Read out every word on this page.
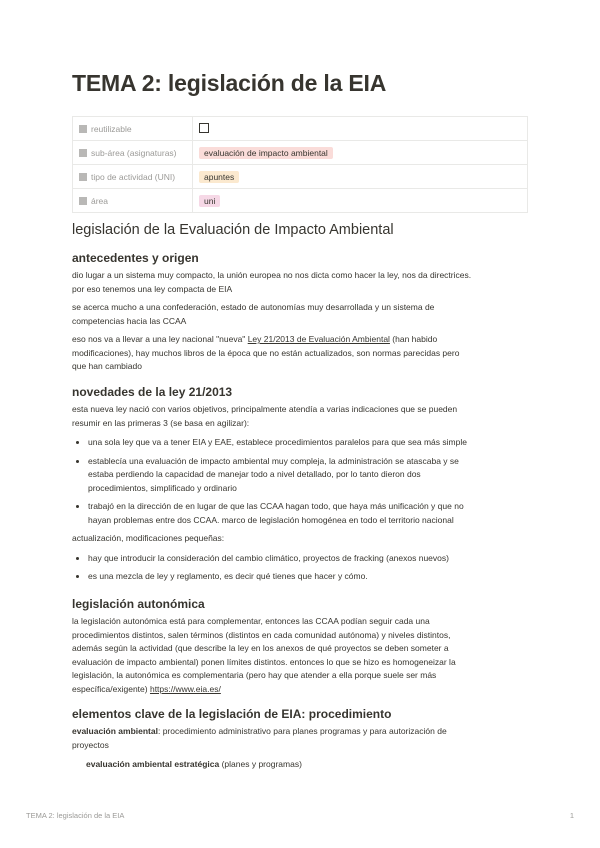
TEMA 2: legislación de la EIA
reutilizable	
sub-área (asignaturas)	evaluación de impacto ambiental
tipo de actividad (UNI)	apuntes
área	uni
legislación de la Evaluación de Impacto Ambiental
antecedentes y origen

dio lugar a un sistema muy compacto, la unión europea no nos dicta como hacer la ley, nos da directrices.
por eso tenemos una ley compacta de EIA

se acerca mucho a una confederación, estado de autonomías muy desarrollada y un sistema de
competencias hacia las CCAA

eso nos va a llevar a una ley nacional "nueva" Ley 21/2013 de Evaluación Ambiental (han habido
modificaciones), hay muchos libros de la época que no están actualizados, son normas parecidas pero
que han cambiado

novedades de la ley 21/2013

esta nueva ley nació con varios objetivos, principalmente atendía a varias indicaciones que se pueden
resumir en las primeras 3 (se basa en agilizar):

• una sola ley que va a tener EIA y EAE, establece procedimientos paralelos para que sea más simple
• establecía una evaluación de impacto ambiental muy compleja, la administración se atascaba y se
estaba perdiendo la capacidad de manejar todo a nivel detallado, por lo tanto dieron dos
procedimientos, simplificado y ordinario
• trabajó en la dirección de en lugar de que las CCAA hagan todo, que haya más unificación y que no
hayan problemas entre dos CCAA. marco de legislación homogénea en todo el territorio nacional

actualización, modificaciones pequeñas:

• hay que introducir la consideración del cambio climático, proyectos de fracking (anexos nuevos)
• es una mezcla de ley y reglamento, es decir qué tienes que hacer y cómo.
legislación autonómica

la legislación autonómica está para complementar, entonces las CCAA podían seguir cada una
procedimientos distintos, salen términos (distintos en cada comunidad autónoma) y niveles distintos,
además según la actividad (que describe la ley en los anexos de qué proyectos se deben someter a
evaluación de impacto ambiental) ponen límites distintos. entonces lo que se hizo es homogeneizar la
legislación, la autonómica es complementaria (pero hay que atender a ella porque suele ser más
específica/exigente) https://www.eia.es/

elementos clave de la legislación de EIA: procedimiento

evaluación ambiental: procedimiento administrativo para planes programas y para autorización de
proyectos

evaluación ambiental estratégica (planes y programas)

TEMA 2: legislación de la EIA	1
